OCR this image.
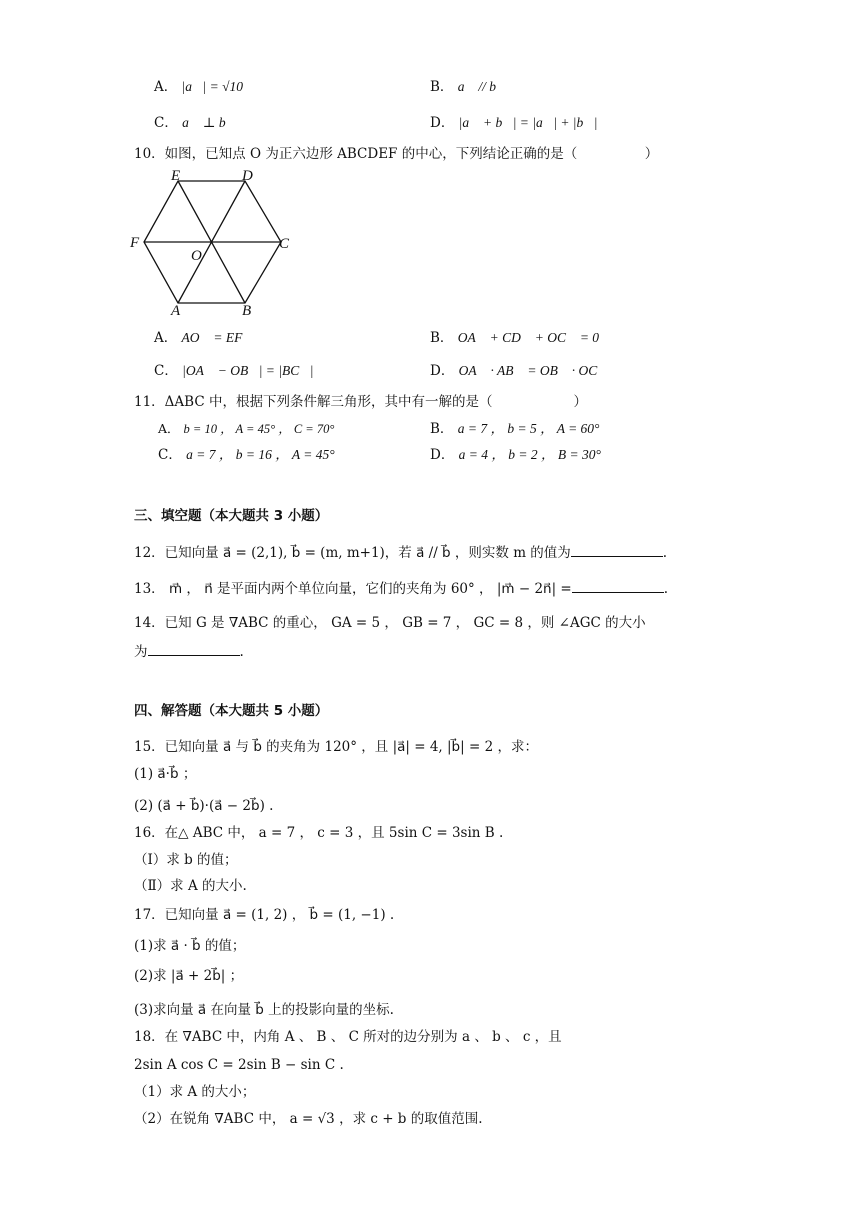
A． |a⃗| = √10	B． a⃗ // b⃗
C． a⃗ ⊥ b⃗	D． |a⃗ + b⃗| = |a⃗| + |b⃗|
10．如图，已知点 O 为正六边形 ABCDEF 的中心，下列结论正确的是（　　　　　）
E	D
F
O
C
A	B
A． AO⃗ = EF⃗	B． OA⃗ + CD⃗ + OC⃗ = 0⃗
C． |OA⃗ − OB⃗| = |BC⃗|	D． OA⃗ · AB⃗ = OB⃗ · OC⃗
11．ΔABC 中，根据下列条件解三角形，其中有一解的是（　　　　　　）
A． b = 10 ， A = 45° ， C = 70°	B． a = 7 ， b = 5 ， A = 60°
C． a = 7 ， b = 16 ， A = 45°	D． a = 4 ， b = 2 ， B = 30°
三、填空题（本大题共 3 小题）
12．已知向量 a⃗ = (2,1), b⃗ = (m, m+1)，若 a⃗ // b⃗ ，则实数 m 的值为	.
13． m⃗ ， n⃗ 是平面内两个单位向量，它们的夹角为 60° ， |m⃗ − 2n⃗| =	.
14．已知 G 是 ∇ABC 的重心， GA = 5 ， GB = 7 ， GC = 8 ，则 ∠AGC 的大小
为	.
四、解答题（本大题共 5 小题）
15．已知向量 a⃗ 与 b⃗ 的夹角为 120° ，且 |a⃗| = 4, |b⃗| = 2 ，求：
(1) a⃗·b⃗ ；
(2) (a⃗ + b⃗)·(a⃗ − 2b⃗) .
16．在△ ABC 中， a = 7 ， c = 3 ，且 5sin C = 3sin B .
（Ⅰ）求 b 的值；
（Ⅱ）求 A 的大小.
17．已知向量 a⃗ = (1, 2) ， b⃗ = (1, −1) .
(1)求 a⃗ · b⃗ 的值；
(2)求 |a⃗ + 2b⃗| ；
(3)求向量 a⃗ 在向量 b⃗ 上的投影向量的坐标.
18．在 ∇ABC 中，内角 A 、 B 、 C 所对的边分别为 a 、 b 、 c ，且
2sin A cos C = 2sin B − sin C .
（1）求 A 的大小；
（2）在锐角 ∇ABC 中， a = √3 ，求 c + b 的取值范围.
